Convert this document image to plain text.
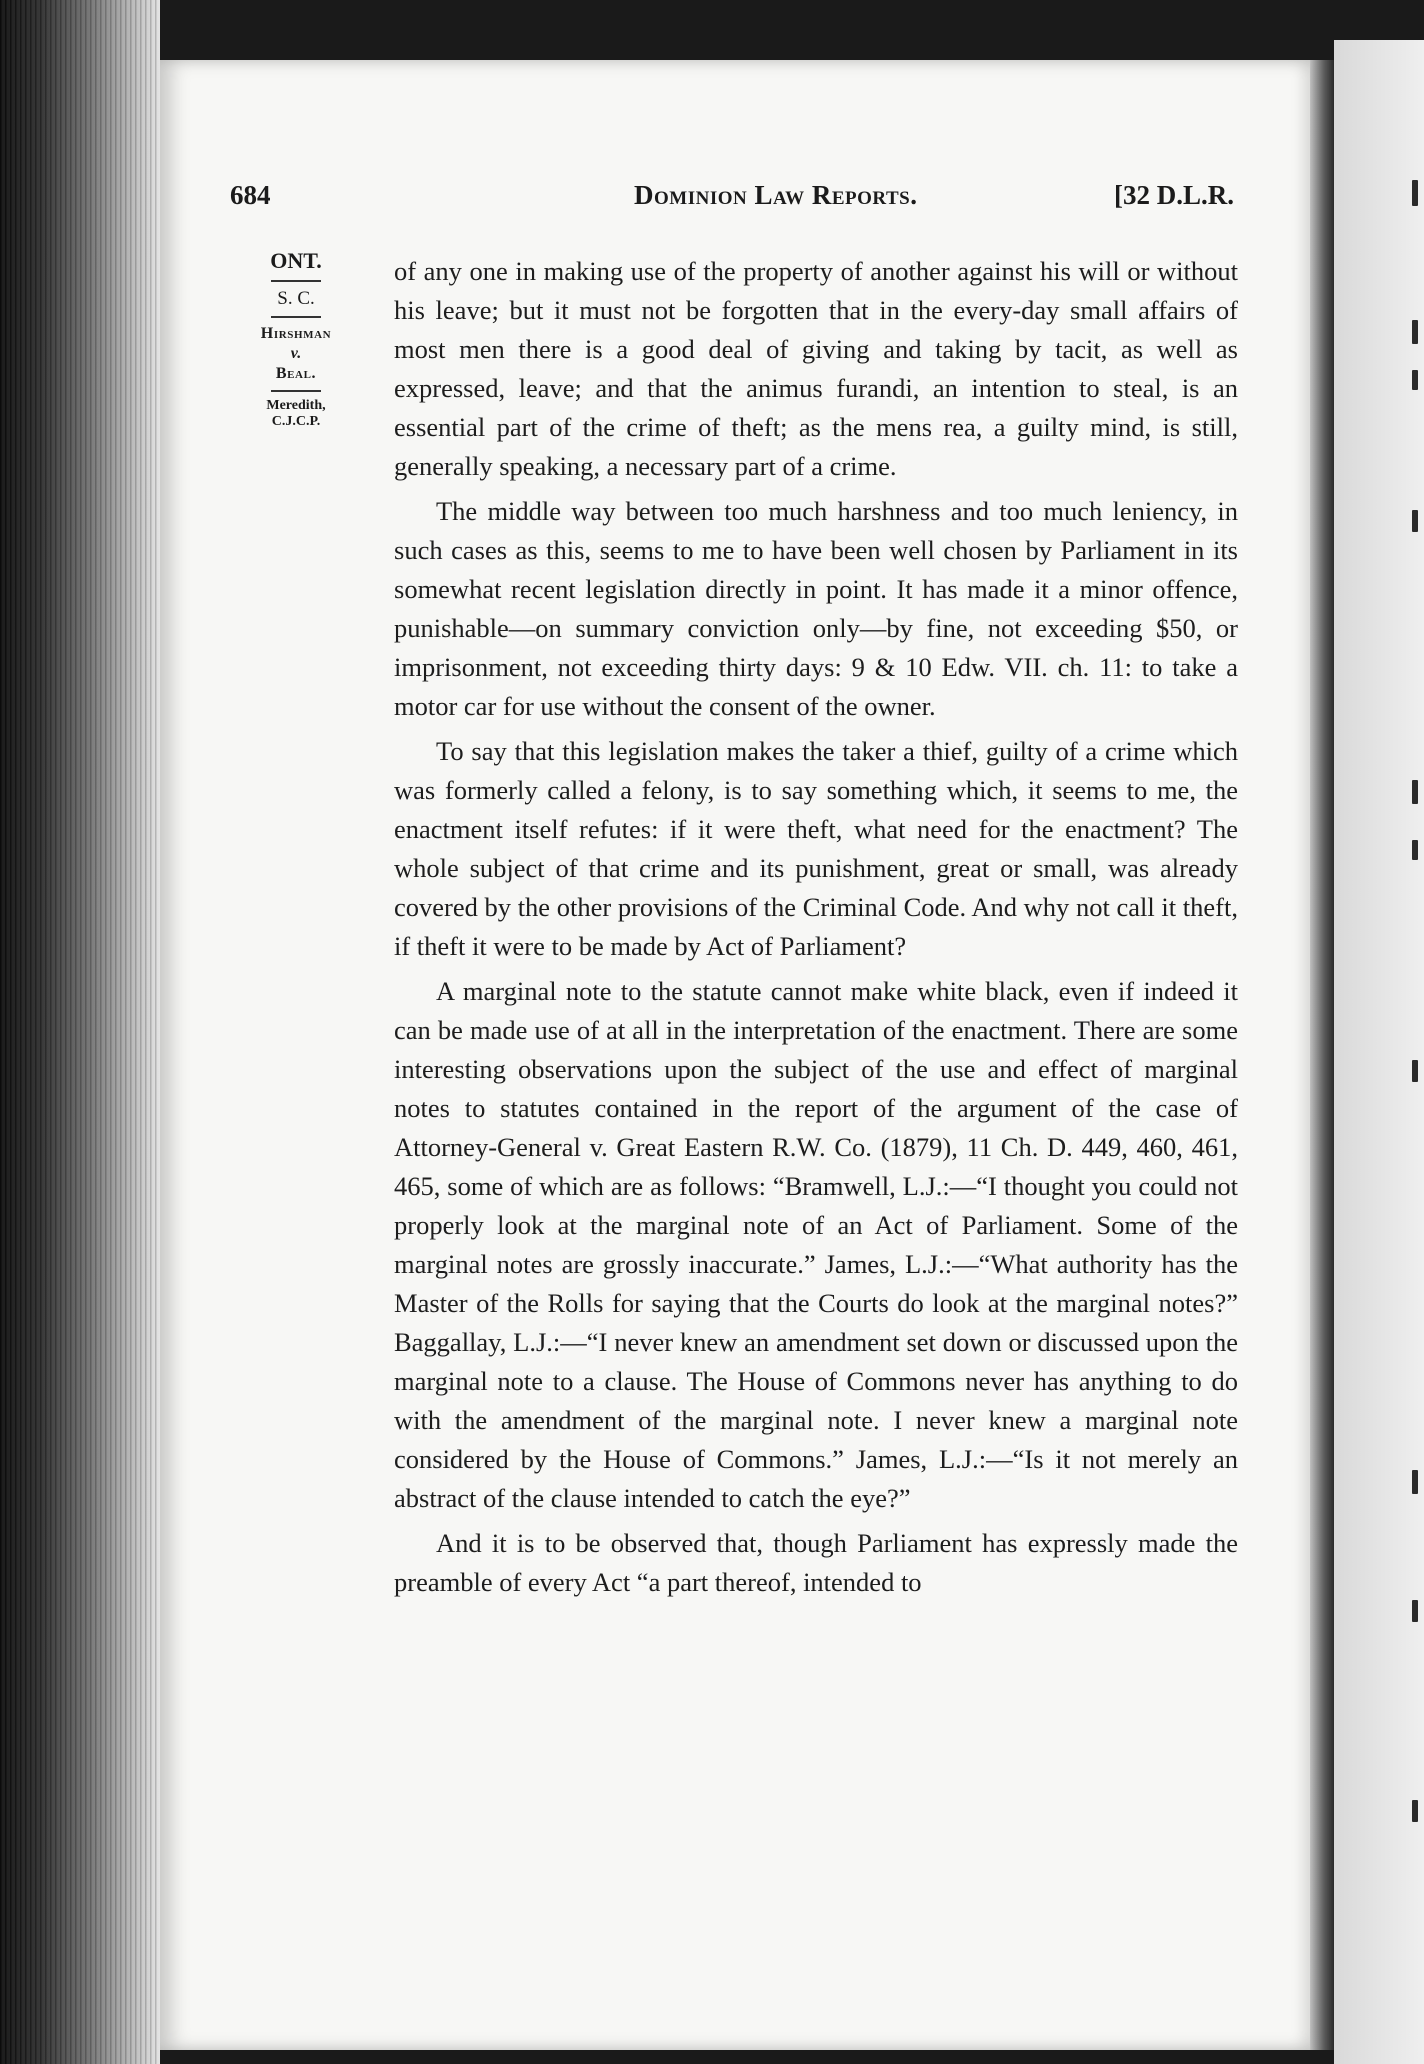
684	Dominion Law Reports.	[32 D.L.R.
ONT.
S. C.
Hirshman
v.
Beal.
Meredith,
C.J.C.P.

of any one in making use of the property of another against his will or without his leave; but it must not be forgotten that in the every-day small affairs of most men there is a good deal of giving and taking by tacit, as well as expressed, leave; and that the animus furandi, an intention to steal, is an essential part of the crime of theft; as the mens rea, a guilty mind, is still, generally speaking, a necessary part of a crime.

The middle way between too much harshness and too much leniency, in such cases as this, seems to me to have been well chosen by Parliament in its somewhat recent legislation directly in point. It has made it a minor offence, punishable—on summary conviction only—by fine, not exceeding $50, or imprisonment, not exceeding thirty days: 9 & 10 Edw. VII. ch. 11: to take a motor car for use without the consent of the owner.

To say that this legislation makes the taker a thief, guilty of a crime which was formerly called a felony, is to say something which, it seems to me, the enactment itself refutes: if it were theft, what need for the enactment? The whole subject of that crime and its punishment, great or small, was already covered by the other provisions of the Criminal Code. And why not call it theft, if theft it were to be made by Act of Parliament?

A marginal note to the statute cannot make white black, even if indeed it can be made use of at all in the interpretation of the enactment. There are some interesting observations upon the subject of the use and effect of marginal notes to statutes contained in the report of the argument of the case of Attorney-General v. Great Eastern R.W. Co. (1879), 11 Ch. D. 449, 460, 461, 465, some of which are as follows: “Bramwell, L.J.:—“I thought you could not properly look at the marginal note of an Act of Parliament. Some of the marginal notes are grossly inaccurate.” James, L.J.:—“What authority has the Master of the Rolls for saying that the Courts do look at the marginal notes?” Baggallay, L.J.:—“I never knew an amendment set down or discussed upon the marginal note to a clause. The House of Commons never has anything to do with the amendment of the marginal note. I never knew a marginal note considered by the House of Commons.” James, L.J.:—“Is it not merely an abstract of the clause intended to catch the eye?”

And it is to be observed that, though Parliament has expressly made the preamble of every Act “a part thereof, intended to
